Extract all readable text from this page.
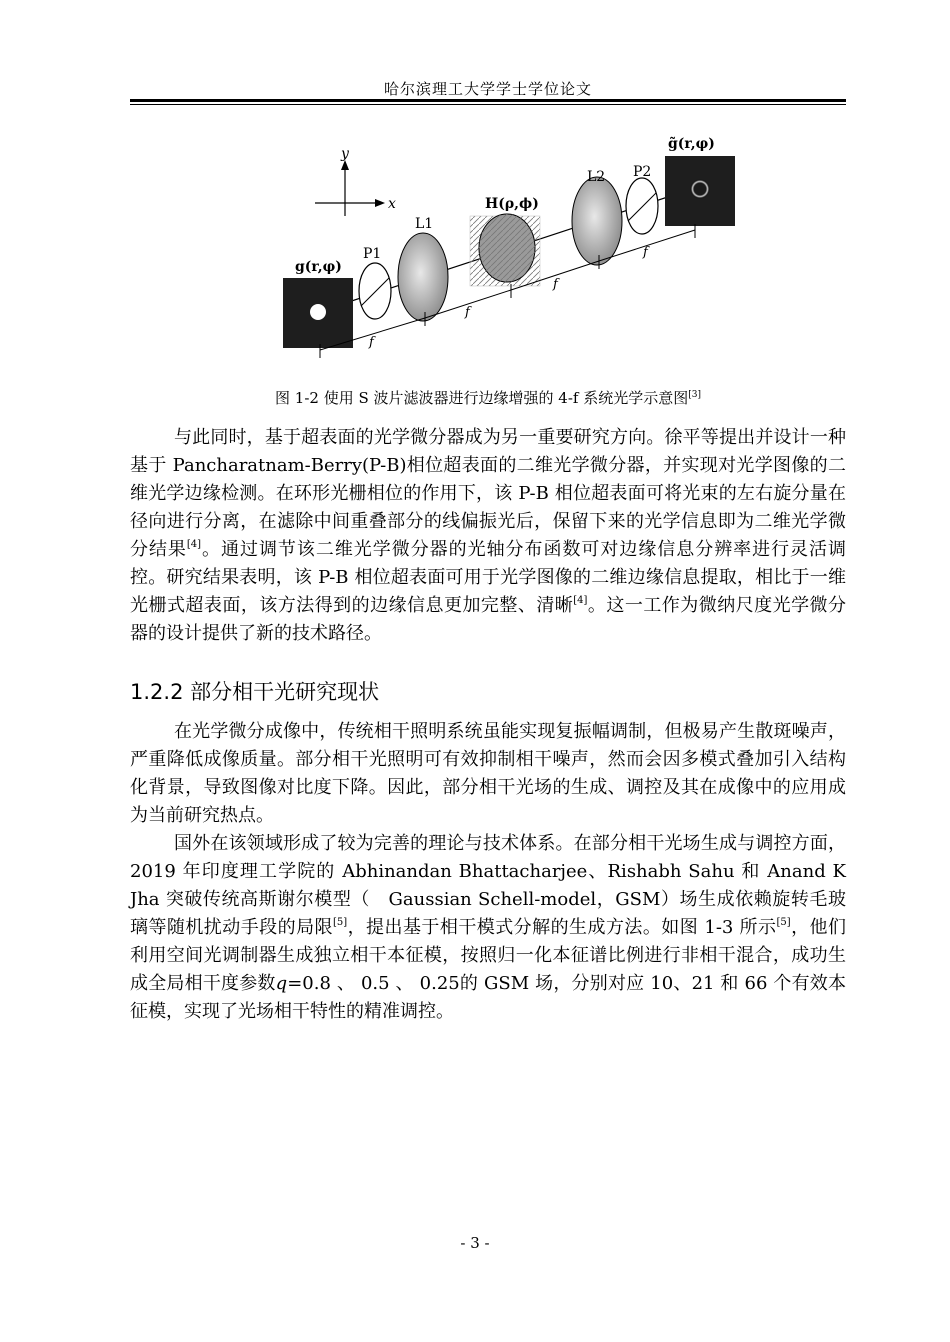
哈尔滨理工大学学士学位论文
y
x
g(r,φ)
P1
L1
H(ρ,ϕ)
L2 P2
g̃(r,φ)
f
f
f
f
图 1-2 使用 S 波片滤波器进行边缘增强的 4-f 系统光学示意图[3]

与此同时，基于超表面的光学微分器成为另一重要研究方向。徐平等提出并设计一种基于 Pancharatnam-Berry(P-B)相位超表面的二维光学微分器，并实现对光学图像的二维光学边缘检测。在环形光栅相位的作用下，该 P-B 相位超表面可将光束的左右旋分量在径向进行分离，在滤除中间重叠部分的线偏振光后，保留下来的光学信息即为二维光学微分结果[4]。通过调节该二维光学微分器的光轴分布函数可对边缘信息分辨率进行灵活调控。研究结果表明，该 P-B 相位超表面可用于光学图像的二维边缘信息提取，相比于一维光栅式超表面，该方法得到的边缘信息更加完整、清晰[4]。这一工作为微纳尺度光学微分器的设计提供了新的技术路径。

1.2.2 部分相干光研究现状

在光学微分成像中，传统相干照明系统虽能实现复振幅调制，但极易产生散斑噪声，严重降低成像质量。部分相干光照明可有效抑制相干噪声，然而会因多模式叠加引入结构化背景，导致图像对比度下降。因此，部分相干光场的生成、调控及其在成像中的应用成为当前研究热点。

国外在该领域形成了较为完善的理论与技术体系。在部分相干光场生成与调控方面，2019 年印度理工学院的 Abhinandan Bhattacharjee、Rishabh Sahu 和 Anand K Jha 突破传统高斯谢尔模型（　Gaussian Schell-model，GSM）场生成依赖旋转毛玻璃等随机扰动手段的局限[5]，提出基于相干模式分解的生成方法。如图 1-3 所示[5]，他们利用空间光调制器生成独立相干本征模，按照归一化本征谱比例进行非相干混合，成功生成全局相干度参数q=0.8 、 0.5 、 0.25的 GSM 场，分别对应 10、21 和 66 个有效本征模，实现了光场相干特性的精准调控。

- 3 -
